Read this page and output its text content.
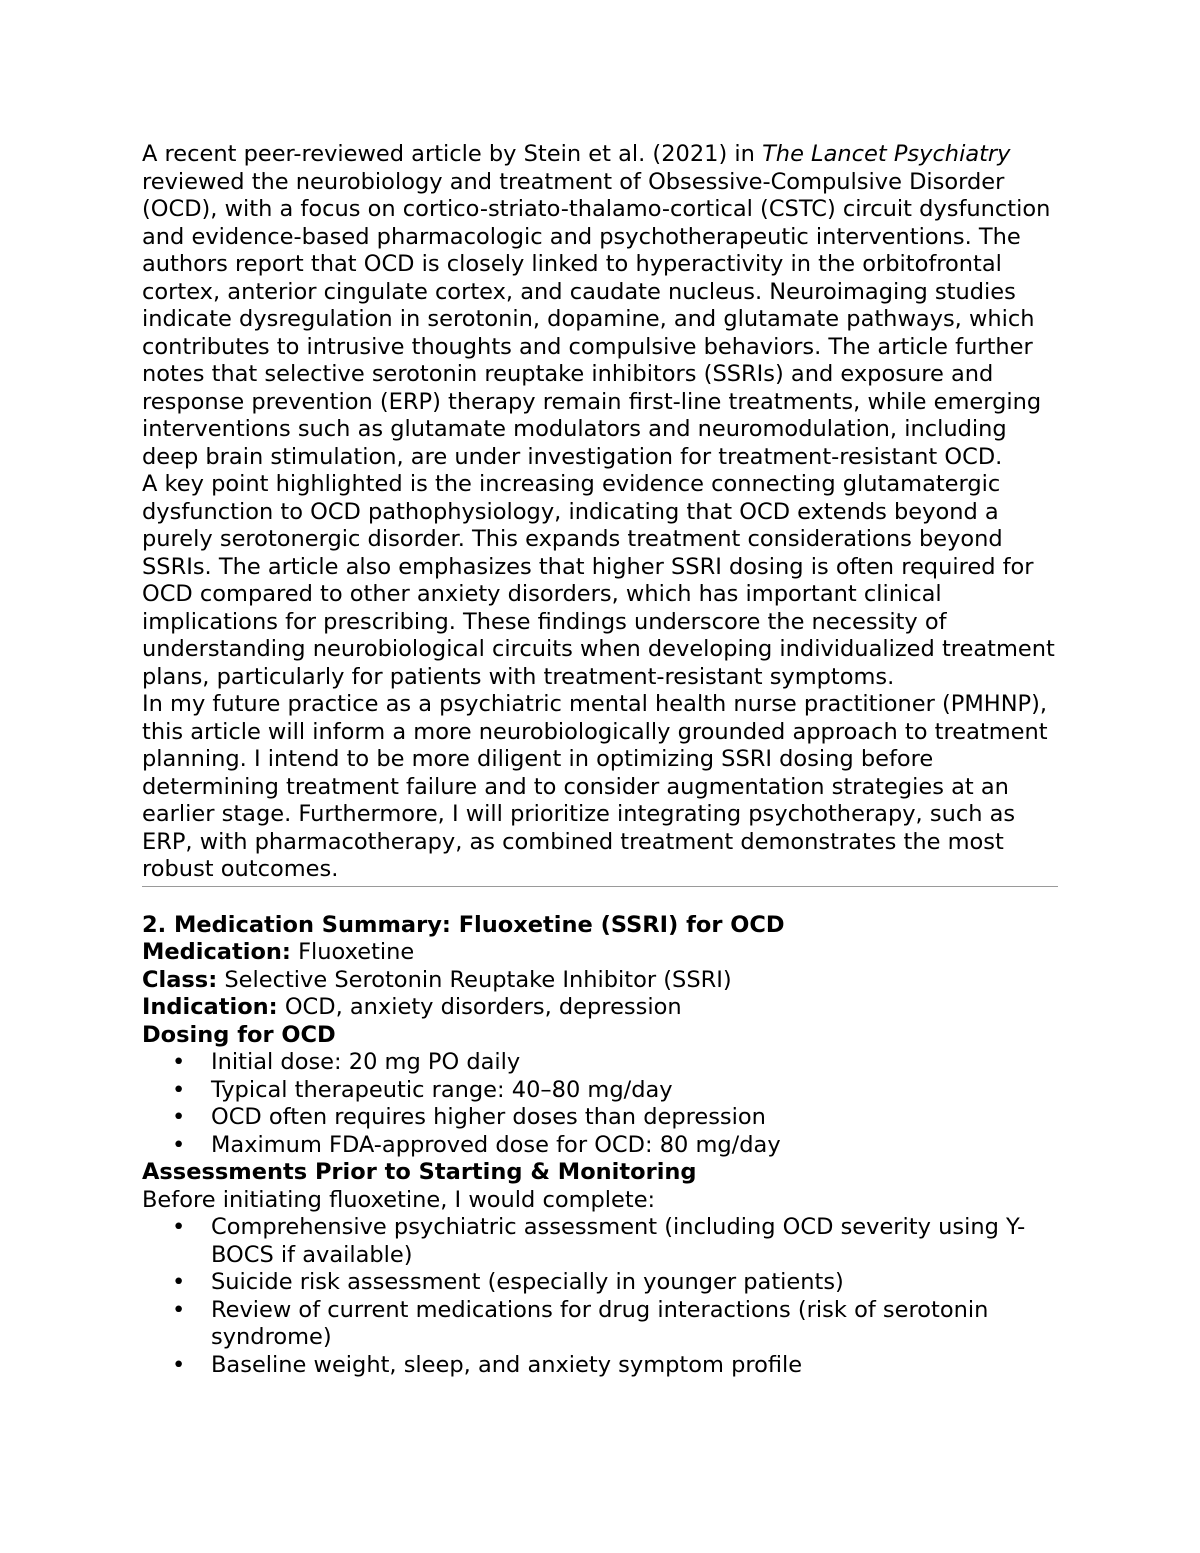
A recent peer-reviewed article by Stein et al. (2021) in The Lancet Psychiatry reviewed the neurobiology and treatment of Obsessive-Compulsive Disorder (OCD), with a focus on cortico-striato-thalamo-cortical (CSTC) circuit dysfunction and evidence-based pharmacologic and psychotherapeutic interventions. The authors report that OCD is closely linked to hyperactivity in the orbitofrontal cortex, anterior cingulate cortex, and caudate nucleus. Neuroimaging studies indicate dysregulation in serotonin, dopamine, and glutamate pathways, which contributes to intrusive thoughts and compulsive behaviors. The article further notes that selective serotonin reuptake inhibitors (SSRIs) and exposure and response prevention (ERP) therapy remain first-line treatments, while emerging interventions such as glutamate modulators and neuromodulation, including deep brain stimulation, are under investigation for treatment-resistant OCD.

A key point highlighted is the increasing evidence connecting glutamatergic dysfunction to OCD pathophysiology, indicating that OCD extends beyond a purely serotonergic disorder. This expands treatment considerations beyond SSRIs. The article also emphasizes that higher SSRI dosing is often required for OCD compared to other anxiety disorders, which has important clinical implications for prescribing. These findings underscore the necessity of understanding neurobiological circuits when developing individualized treatment plans, particularly for patients with treatment-resistant symptoms.

In my future practice as a psychiatric mental health nurse practitioner (PMHNP), this article will inform a more neurobiologically grounded approach to treatment planning. I intend to be more diligent in optimizing SSRI dosing before determining treatment failure and to consider augmentation strategies at an earlier stage. Furthermore, I will prioritize integrating psychotherapy, such as ERP, with pharmacotherapy, as combined treatment demonstrates the most robust outcomes.

2. Medication Summary: Fluoxetine (SSRI) for OCD

Medication: Fluoxetine

Class: Selective Serotonin Reuptake Inhibitor (SSRI)

Indication: OCD, anxiety disorders, depression

Dosing for OCD

• Initial dose: 20 mg PO daily
• Typical therapeutic range: 40–80 mg/day
• OCD often requires higher doses than depression
• Maximum FDA-approved dose for OCD: 80 mg/day

Assessments Prior to Starting & Monitoring

Before initiating fluoxetine, I would complete:

• Comprehensive psychiatric assessment (including OCD severity using Y-BOCS if available)
• Suicide risk assessment (especially in younger patients)
• Review of current medications for drug interactions (risk of serotonin syndrome)
• Baseline weight, sleep, and anxiety symptom profile
